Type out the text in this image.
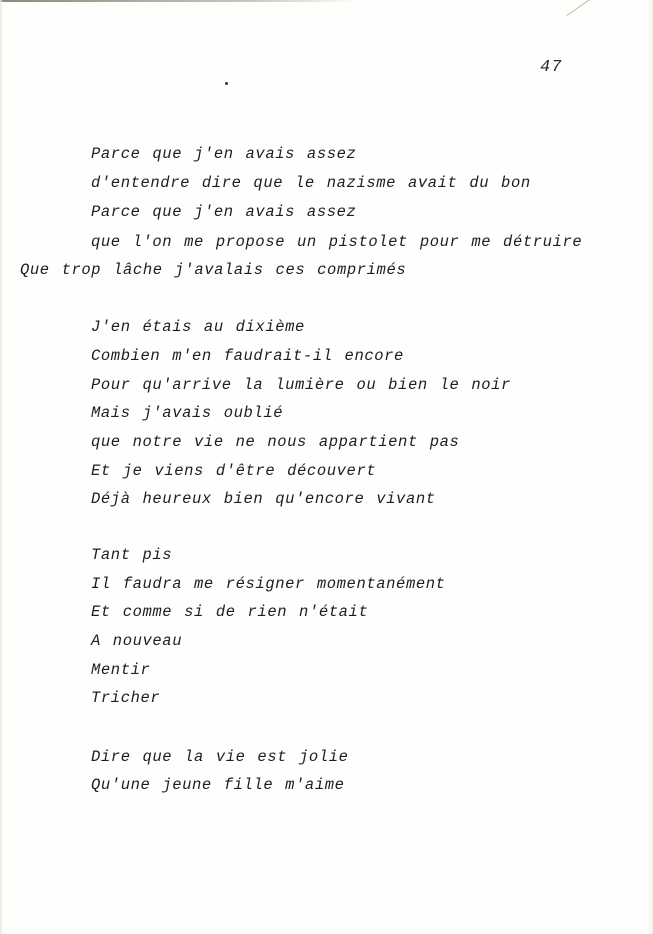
47
Parce que j'en avais assez
d'entendre dire que le nazisme avait du bon
Parce que j'en avais assez
que l'on me propose un pistolet pour me détruire
Que trop lâche j'avalais ces comprimés
J'en étais au dixième
Combien m'en faudrait-il encore
Pour qu'arrive la lumière ou bien le noir
Mais j'avais oublié
que notre vie ne nous appartient pas
Et je viens d'être découvert
Déjà heureux bien qu'encore vivant
Tant pis
Il faudra me résigner momentanément
Et comme si de rien n'était
A nouveau
Mentir
Tricher
Dire que la vie est jolie
Qu'une jeune fille m'aime
